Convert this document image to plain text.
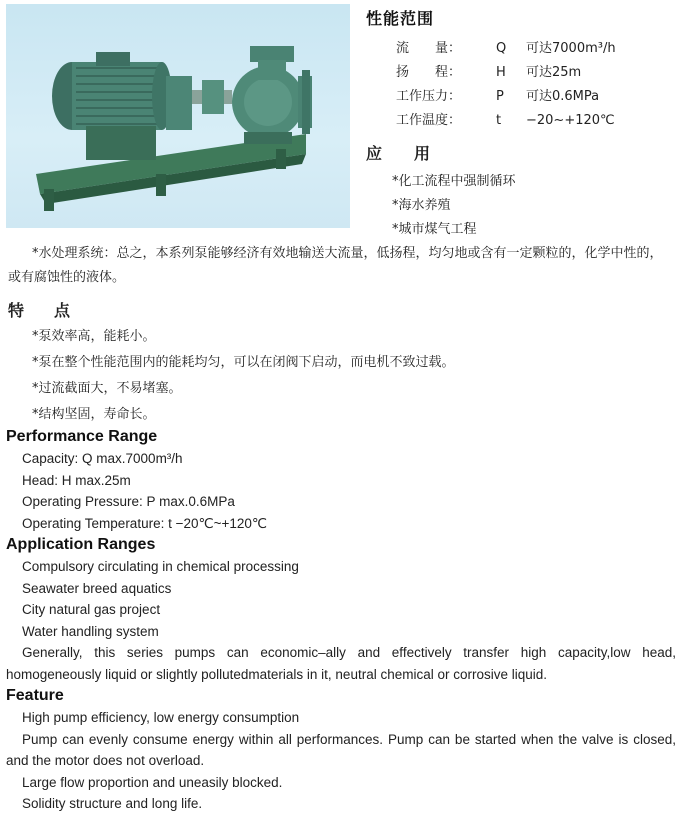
性能范围
流　　量：	Q	可达7000m³/h
扬　　程：	H	可达25m
工作压力：	P	可达0.6MPa
工作温度：	t	−20~+120℃
应用
*化工流程中强制循环
*海水养殖
*城市煤气工程
*水处理系统：总之，本系列泵能够经济有效地输送大流量，低扬程，均匀地或含有一定颗粒的，化学中性的，或有腐蚀性的液体。
特点
*泵效率高，能耗小。
*泵在整个性能范围内的能耗均匀，可以在闭阀下启动，而电机不致过载。
*过流截面大，不易堵塞。
*结构坚固，寿命长。
Performance Range
Capacity: Q max.7000m³/h
Head: H max.25m
Operating Pressure: P max.0.6MPa
Operating Temperature: t −20℃~+120℃
Application Ranges
Compulsory circulating in chemical processing
Seawater breed aquatics
City natural gas project
Water handling system
Generally, this series pumps can economic–ally and effectively transfer high capacity,low head, homogeneously liquid or slightly pollutedmaterials in it, neutral chemical or corrosive liquid.
Feature
High pump efficiency, low energy consumption
Pump can evenly consume energy within all performances. Pump can be started when the valve is closed, and the motor does not overload.
Large flow proportion and uneasily blocked.
Solidity structure and long life.
